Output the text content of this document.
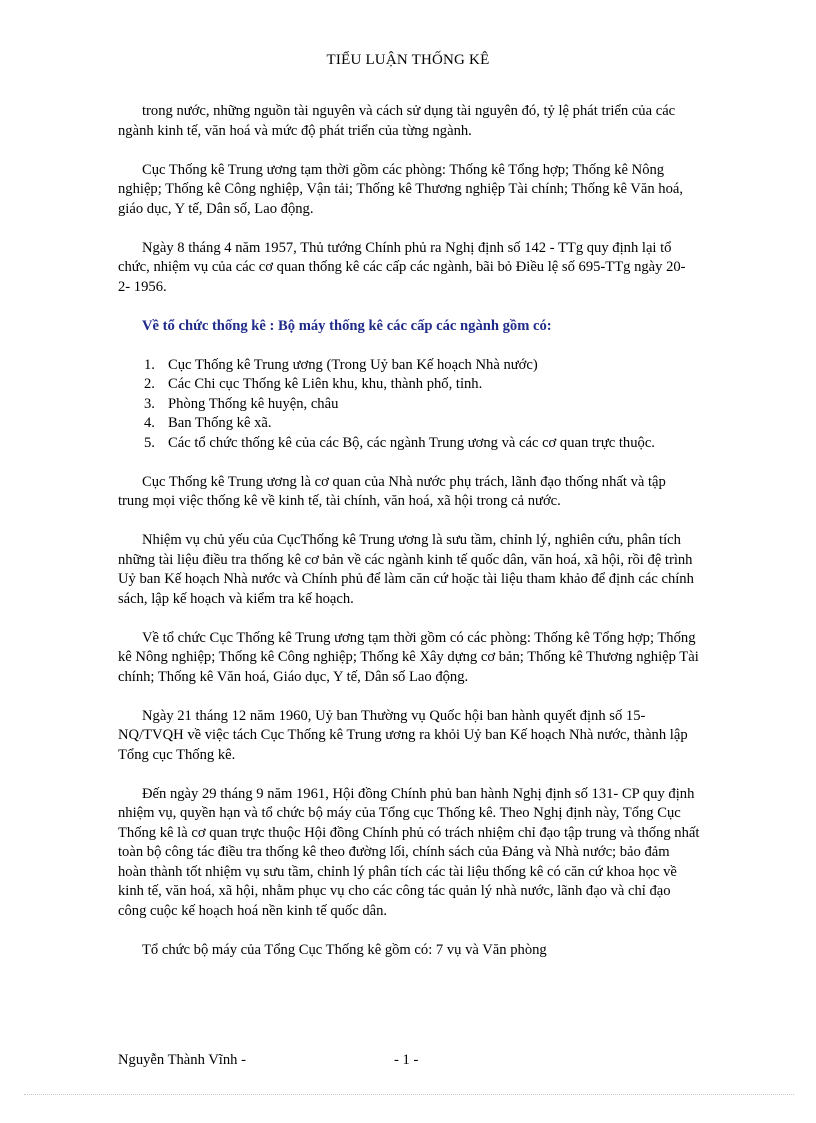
TIỂU LUẬN THỐNG KÊ

trong nước, những nguồn tài nguyên và cách sử dụng tài nguyên đó, tỷ lệ phát triển của các ngành kinh tế, văn hoá và mức độ phát triển của từng ngành.

Cục Thống kê Trung ương tạm thời gồm các phòng: Thống kê Tổng hợp; Thống kê Nông nghiệp; Thống kê Công nghiệp, Vận tải; Thống kê Thương nghiệp Tài chính; Thống kê Văn hoá, giáo dục, Y tế, Dân số, Lao động.

Ngày 8 tháng 4 năm 1957, Thủ tướng Chính phủ ra Nghị định số 142 - TTg quy định lại tổ chức, nhiệm vụ của các cơ quan thống kê các cấp các ngành, bãi bỏ Điều lệ số 695-TTg ngày 20- 2- 1956.

Về tổ chức thống kê : Bộ máy thống kê các cấp các ngành gồm có:

1. Cục Thống kê Trung ương (Trong Uỷ ban Kế hoạch Nhà nước)
2. Các Chi cục Thống kê Liên khu, khu, thành phố, tỉnh.
3. Phòng Thống kê huyện, châu
4. Ban Thống kê xã.
5. Các tổ chức thống kê của các Bộ, các ngành Trung ương và các cơ quan trực thuộc.

Cục Thống kê Trung ương là cơ quan của Nhà nước phụ trách, lãnh đạo thống nhất và tập trung mọi việc thống kê về kinh tế, tài chính, văn hoá, xã hội trong cả nước.

Nhiệm vụ chủ yếu của CụcThống kê Trung ương là sưu tầm, chỉnh lý, nghiên cứu, phân tích những tài liệu điều tra thống kê cơ bản về các ngành kinh tế quốc dân, văn hoá, xã hội, rồi đệ trình Uỷ ban Kế hoạch Nhà nước và Chính phủ để làm căn cứ hoặc tài liệu tham khảo để định các chính sách, lập kế hoạch và kiểm tra kế hoạch.

Về tổ chức Cục Thống kê Trung ương tạm thời gồm có các phòng: Thống kê Tổng hợp; Thống kê Nông nghiệp; Thống kê Công nghiệp; Thống kê Xây dựng cơ bản; Thống kê Thương nghiệp Tài chính; Thống kê Văn hoá, Giáo dục, Y tế, Dân số Lao động.

Ngày 21 tháng 12 năm 1960, Uỷ ban Thường vụ Quốc hội ban hành quyết định số 15-NQ/TVQH về việc tách Cục Thống kê Trung ương ra khỏi Uỷ ban Kế hoạch Nhà nước, thành lập Tổng cục Thống kê.

Đến ngày 29 tháng 9 năm 1961, Hội đồng Chính phủ ban hành Nghị định số 131- CP quy định nhiệm vụ, quyền hạn và tổ chức bộ máy của Tổng cục Thống kê. Theo Nghị định này, Tổng Cục Thống kê là cơ quan trực thuộc Hội đồng Chính phủ có trách nhiệm chỉ đạo tập trung và thống nhất toàn bộ công tác điều tra thống kê theo đường lối, chính sách của Đảng và Nhà nước; bảo đảm hoàn thành tốt nhiệm vụ sưu tầm, chỉnh lý phân tích các tài liệu thống kê có căn cứ khoa học về kinh tế, văn hoá, xã hội, nhằm phục vụ cho các công tác quản lý nhà nước, lãnh đạo và chỉ đạo công cuộc kế hoạch hoá nền kinh tế quốc dân.

Tổ chức bộ máy của Tổng Cục Thống kê gồm có: 7 vụ và Văn phòng

Nguyễn Thành Vĩnh -	- 1 -
